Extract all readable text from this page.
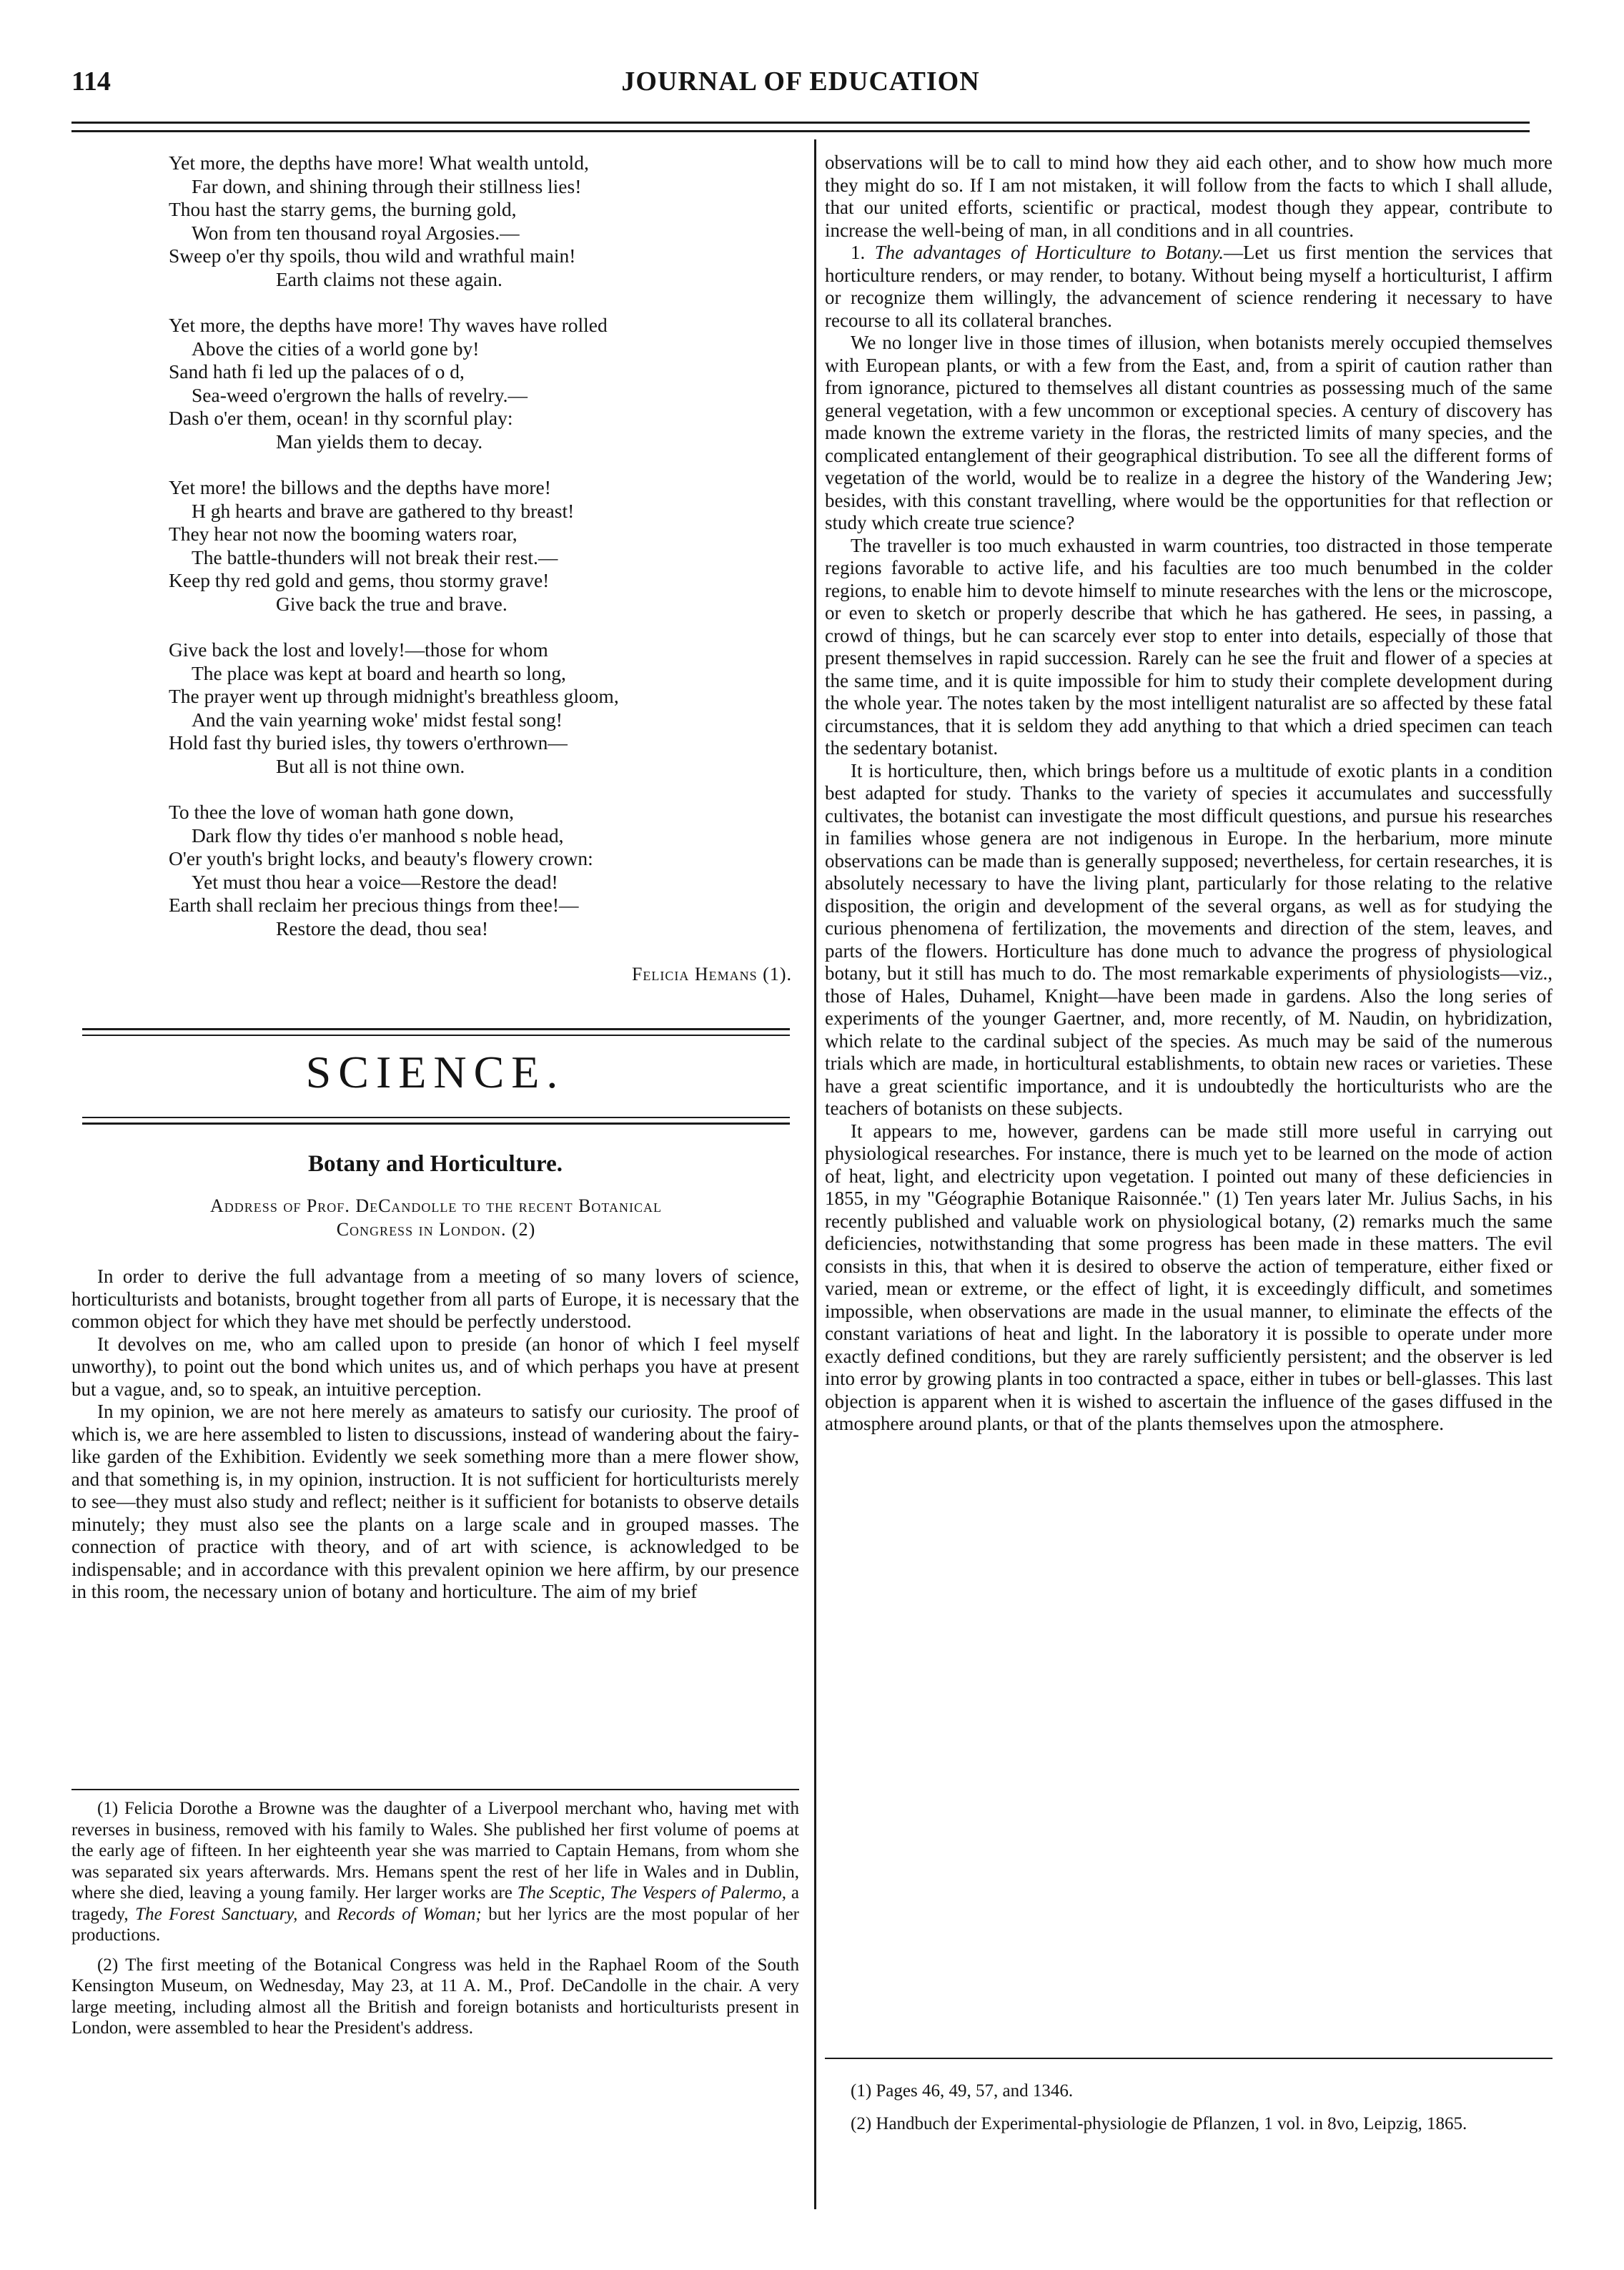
114	JOURNAL OF EDUCATION
Yet more, the depths have more! What wealth untold,
Far down, and shining through their stillness lies!
Thou hast the starry gems, the burning gold,
Won from ten thousand royal Argosies.—
Sweep o'er thy spoils, thou wild and wrathful main!
Earth claims not these again.
Yet more, the depths have more! Thy waves have rolled
Above the cities of a world gone by!
Sand hath fi led up the palaces of o d,
Sea-weed o'ergrown the halls of revelry.—
Dash o'er them, ocean! in thy scornful play:
Man yields them to decay.
Yet more! the billows and the depths have more!
H gh hearts and brave are gathered to thy breast!
They hear not now the booming waters roar,
The battle-thunders will not break their rest.—
Keep thy red gold and gems, thou stormy grave!
Give back the true and brave.
Give back the lost and lovely!—those for whom
The place was kept at board and hearth so long,
The prayer went up through midnight's breathless gloom,
And the vain yearning woke' midst festal song!
Hold fast thy buried isles, thy towers o'erthrown—
But all is not thine own.
To thee the love of woman hath gone down,
Dark flow thy tides o'er manhood s noble head,
O'er youth's bright locks, and beauty's flowery crown:
Yet must thou hear a voice—Restore the dead!
Earth shall reclaim her precious things from thee!—
Restore the dead, thou sea!
Felicia Hemans (1).
SCIENCE.
Botany and Horticulture.
Address of Prof. DeCandolle to the recent Botanical
Congress in London. (2)

In order to derive the full advantage from a meeting of so many lovers of science, horticulturists and botanists, brought together from all parts of Europe, it is necessary that the common object for which they have met should be perfectly understood.

It devolves on me, who am called upon to preside (an honor of which I feel myself unworthy), to point out the bond which unites us, and of which perhaps you have at present but a vague, and, so to speak, an intuitive perception.

In my opinion, we are not here merely as amateurs to satisfy our curiosity. The proof of which is, we are here assembled to listen to discussions, instead of wandering about the fairy-like garden of the Exhibition. Evidently we seek something more than a mere flower show, and that something is, in my opinion, instruction. It is not sufficient for horticulturists merely to see—they must also study and reflect; neither is it sufficient for botanists to observe details minutely; they must also see the plants on a large scale and in grouped masses. The connection of practice with theory, and of art with science, is acknowledged to be indispensable; and in accordance with this prevalent opinion we here affirm, by our presence in this room, the necessary union of botany and horticulture. The aim of my brief

(1) Felicia Dorothe a Browne was the daughter of a Liverpool merchant who, having met with reverses in business, removed with his family to Wales. She published her first volume of poems at the early age of fifteen. In her eighteenth year she was married to Captain Hemans, from whom she was separated six years afterwards. Mrs. Hemans spent the rest of her life in Wales and in Dublin, where she died, leaving a young family. Her larger works are The Sceptic, The Vespers of Palermo, a tragedy, The Forest Sanctuary, and Records of Woman; but her lyrics are the most popular of her productions.

(2) The first meeting of the Botanical Congress was held in the Raphael Room of the South Kensington Museum, on Wednesday, May 23, at 11 A. M., Prof. DeCandolle in the chair. A very large meeting, including almost all the British and foreign botanists and horticulturists present in London, were assembled to hear the President's address.

observations will be to call to mind how they aid each other, and to show how much more they might do so. If I am not mistaken, it will follow from the facts to which I shall allude, that our united efforts, scientific or practical, modest though they appear, contribute to increase the well-being of man, in all conditions and in all countries.

1. The advantages of Horticulture to Botany.—Let us first mention the services that horticulture renders, or may render, to botany. Without being myself a horticulturist, I affirm or recognize them willingly, the advancement of science rendering it necessary to have recourse to all its collateral branches.

We no longer live in those times of illusion, when botanists merely occupied themselves with European plants, or with a few from the East, and, from a spirit of caution rather than from ignorance, pictured to themselves all distant countries as possessing much of the same general vegetation, with a few uncommon or exceptional species. A century of discovery has made known the extreme variety in the floras, the restricted limits of many species, and the complicated entanglement of their geographical distribution. To see all the different forms of vegetation of the world, would be to realize in a degree the history of the Wandering Jew; besides, with this constant travelling, where would be the opportunities for that reflection or study which create true science?

The traveller is too much exhausted in warm countries, too distracted in those temperate regions favorable to active life, and his faculties are too much benumbed in the colder regions, to enable him to devote himself to minute researches with the lens or the microscope, or even to sketch or properly describe that which he has gathered. He sees, in passing, a crowd of things, but he can scarcely ever stop to enter into details, especially of those that present themselves in rapid succession. Rarely can he see the fruit and flower of a species at the same time, and it is quite impossible for him to study their complete development during the whole year. The notes taken by the most intelligent naturalist are so affected by these fatal circumstances, that it is seldom they add anything to that which a dried specimen can teach the sedentary botanist.

It is horticulture, then, which brings before us a multitude of exotic plants in a condition best adapted for study. Thanks to the variety of species it accumulates and successfully cultivates, the botanist can investigate the most difficult questions, and pursue his researches in families whose genera are not indigenous in Europe. In the herbarium, more minute observations can be made than is generally supposed; nevertheless, for certain researches, it is absolutely necessary to have the living plant, particularly for those relating to the relative disposition, the origin and development of the several organs, as well as for studying the curious phenomena of fertilization, the movements and direction of the stem, leaves, and parts of the flowers. Horticulture has done much to advance the progress of physiological botany, but it still has much to do. The most remarkable experiments of physiologists—viz., those of Hales, Duhamel, Knight—have been made in gardens. Also the long series of experiments of the younger Gaertner, and, more recently, of M. Naudin, on hybridization, which relate to the cardinal subject of the species. As much may be said of the numerous trials which are made, in horticultural establishments, to obtain new races or varieties. These have a great scientific importance, and it is undoubtedly the horticulturists who are the teachers of botanists on these subjects.

It appears to me, however, gardens can be made still more useful in carrying out physiological researches. For instance, there is much yet to be learned on the mode of action of heat, light, and electricity upon vegetation. I pointed out many of these deficiencies in 1855, in my "Géographie Botanique Raisonnée." (1) Ten years later Mr. Julius Sachs, in his recently published and valuable work on physiological botany, (2) remarks much the same deficiencies, notwithstanding that some progress has been made in these matters. The evil consists in this, that when it is desired to observe the action of temperature, either fixed or varied, mean or extreme, or the effect of light, it is exceedingly difficult, and sometimes impossible, when observations are made in the usual manner, to eliminate the effects of the constant variations of heat and light. In the laboratory it is possible to operate under more exactly defined conditions, but they are rarely sufficiently persistent; and the observer is led into error by growing plants in too contracted a space, either in tubes or bell-glasses. This last objection is apparent when it is wished to ascertain the influence of the gases diffused in the atmosphere around plants, or that of the plants themselves upon the atmosphere.

(1) Pages 46, 49, 57, and 1346.

(2) Handbuch der Experimental-physiologie de Pflanzen, 1 vol. in 8vo, Leipzig, 1865.
